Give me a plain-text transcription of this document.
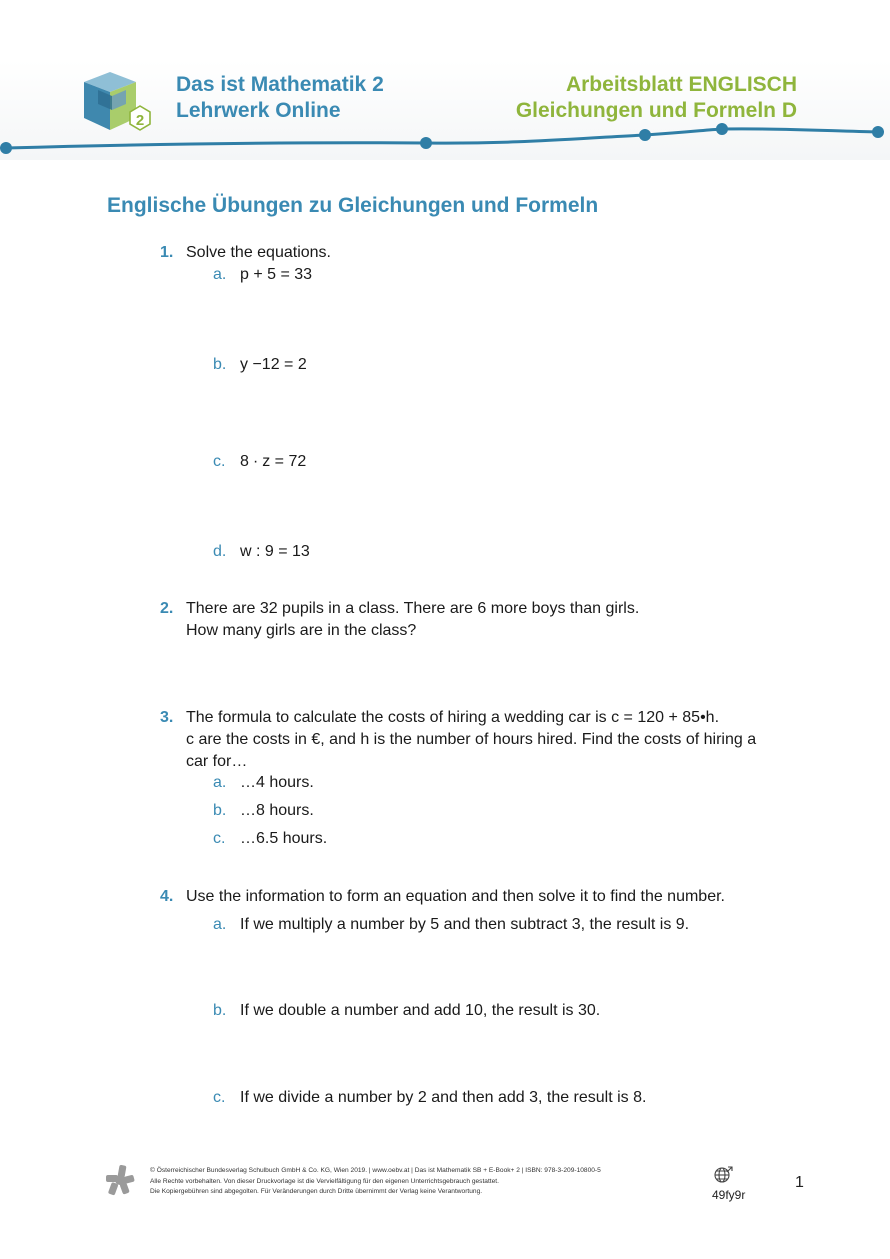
2
Das ist Mathematik 2
Lehrwerk Online
Arbeitsblatt ENGLISCH
Gleichungen und Formeln D
Englische Übungen zu Gleichungen und Formeln
1. Solve the equations.
a. p + 5 = 33
b. y −12 = 2
c. 8 ∙ z = 72
d. w : 9 = 13
2. There are 32 pupils in a class. There are 6 more boys than girls.
How many girls are in the class?
3. The formula to calculate the costs of hiring a wedding car is c = 120 + 85•h.
c are the costs in €, and h is the number of hours hired. Find the costs of hiring a
car for…
a. …4 hours.
b. …8 hours.
c. …6.5 hours.
4. Use the information to form an equation and then solve it to find the number.
a. If we multiply a number by 5 and then subtract 3, the result is 9.
b. If we double a number and add 10, the result is 30.
c. If we divide a number by 2 and then add 3, the result is 8.
© Österreichischer Bundesverlag Schulbuch GmbH & Co. KG, Wien 2019. | www.oebv.at | Das ist Mathematik SB + E-Book+ 2 | ISBN: 978-3-209-10800-5
Alle Rechte vorbehalten. Von dieser Druckvorlage ist die Vervielfältigung für den eigenen Unterrichtsgebrauch gestattet.
Die Kopiergebühren sind abgegolten. Für Veränderungen durch Dritte übernimmt der Verlag keine Verantwortung.	49fy9r
1
